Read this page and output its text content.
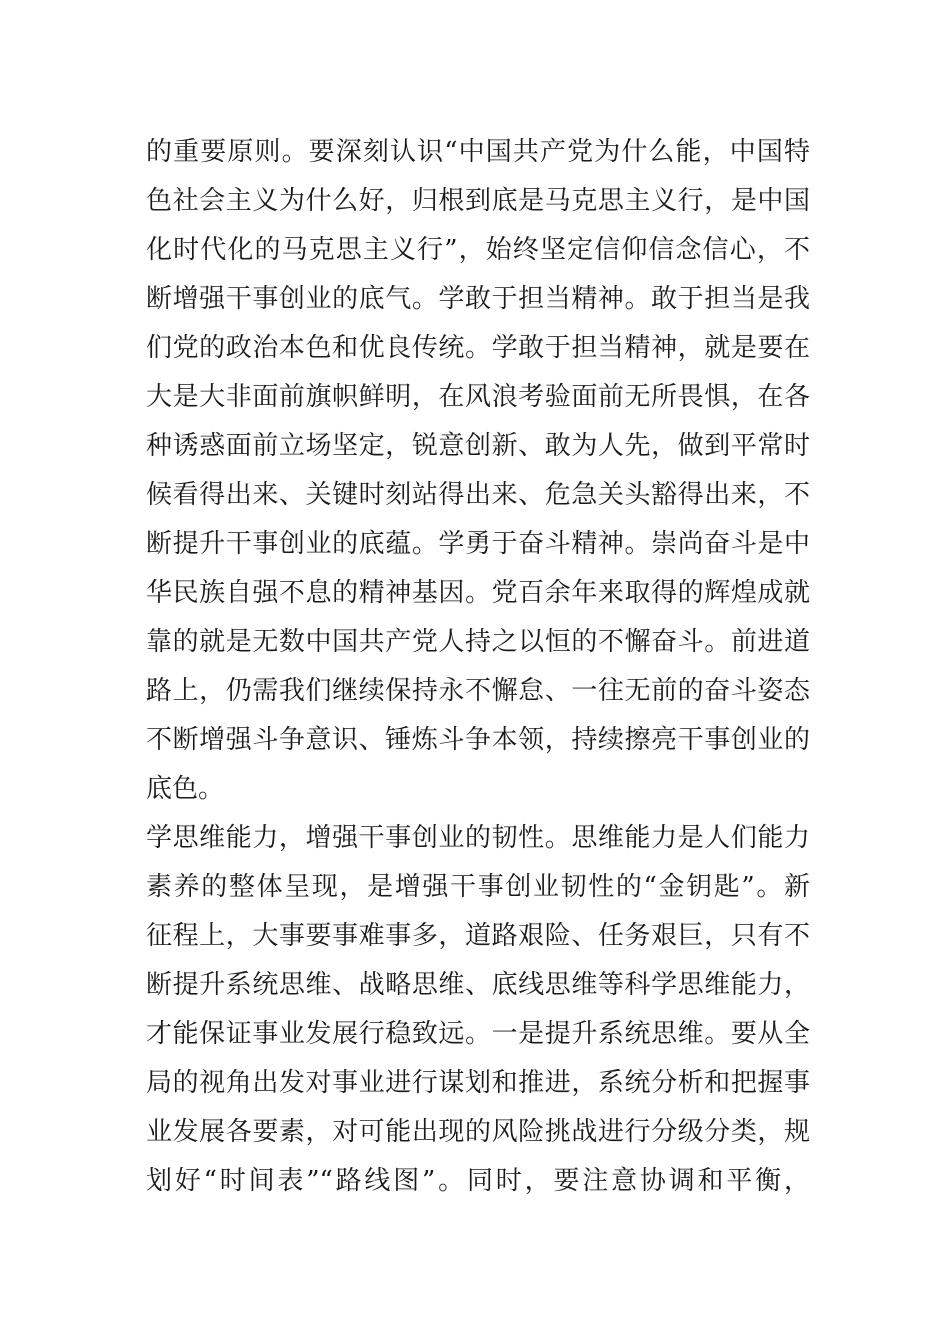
的重要原则。要深刻认识“中国共产党为什么能，中国特
色社会主义为什么好，归根到底是马克思主义行，是中国
化时代化的马克思主义行”，始终坚定信仰信念信心，不
断增强干事创业的底气。学敢于担当精神。敢于担当是我
们党的政治本色和优良传统。学敢于担当精神，就是要在
大是大非面前旗帜鲜明，在风浪考验面前无所畏惧，在各
种诱惑面前立场坚定，锐意创新、敢为人先，做到平常时
候看得出来、关键时刻站得出来、危急关头豁得出来，不
断提升干事创业的底蕴。学勇于奋斗精神。崇尚奋斗是中
华民族自强不息的精神基因。党百余年来取得的辉煌成就
靠的就是无数中国共产党人持之以恒的不懈奋斗。前进道
路上，仍需我们继续保持永不懈怠、一往无前的奋斗姿态
不断增强斗争意识、锤炼斗争本领，持续擦亮干事创业的
底色。
学思维能力，增强干事创业的韧性。思维能力是人们能力
素养的整体呈现，是增强干事创业韧性的“金钥匙”。新
征程上，大事要事难事多，道路艰险、任务艰巨，只有不
断提升系统思维、战略思维、底线思维等科学思维能力，
才能保证事业发展行稳致远。一是提升系统思维。要从全
局的视角出发对事业进行谋划和推进，系统分析和把握事
业发展各要素，对可能出现的风险挑战进行分级分类，规
划好“时间表”“路线图”。同时，要注意协调和平衡，
